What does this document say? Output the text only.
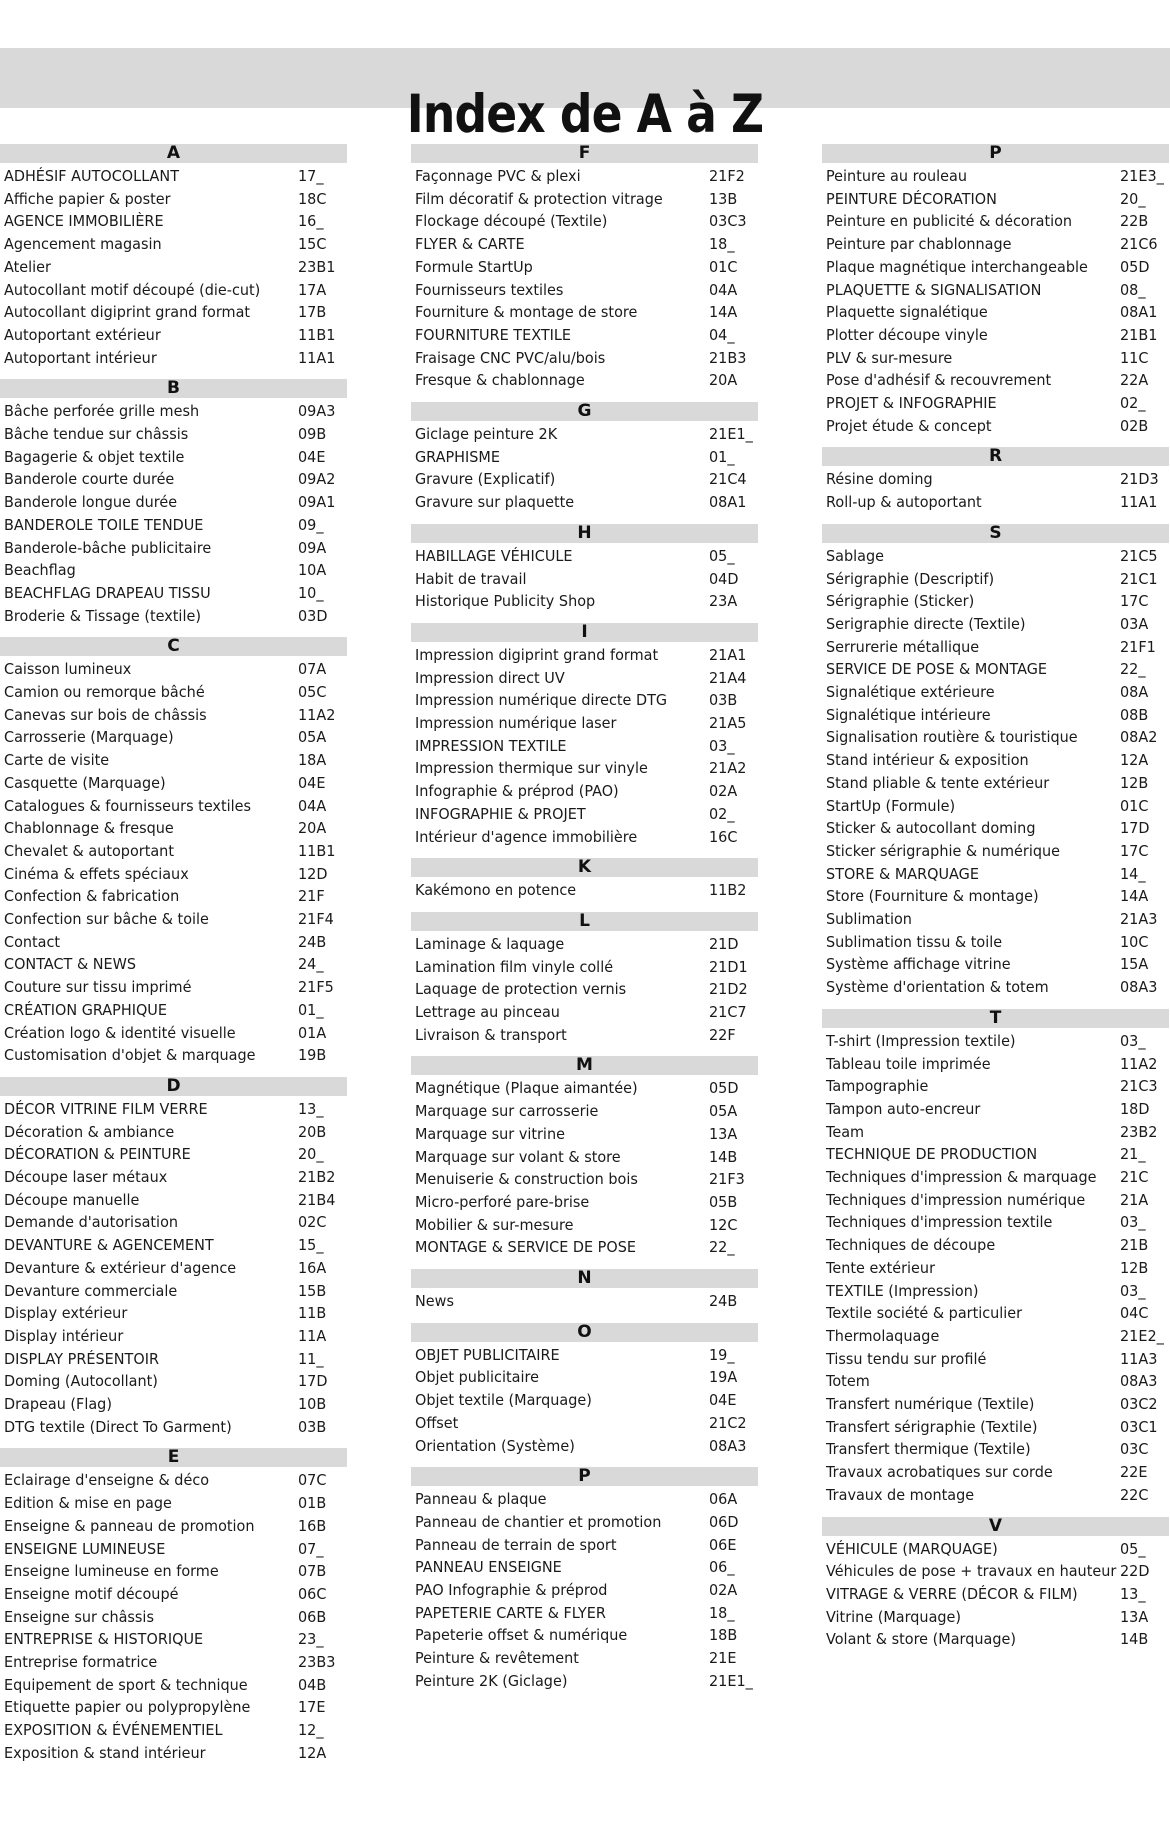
Index de A à Z
A
ADHÉSIF AUTOCOLLANT	17_
Affiche papier & poster	18C
AGENCE IMMOBILIÈRE	16_
Agencement magasin	15C
Atelier	23B1
Autocollant motif découpé (die-cut) 17A
Autocollant digiprint grand format	17B
Autoportant extérieur	11B1
Autoportant intérieur	11A1
B
Bâche perforée grille mesh	09A3
Bâche tendue sur châssis	09B
Bagagerie & objet textile	04E
Banderole courte durée	09A2
Banderole longue durée	09A1
BANDEROLE TOILE TENDUE	09_
Banderole-bâche publicitaire	09A
Beachflag	10A
BEACHFLAG DRAPEAU TISSU	10_
Broderie & Tissage (textile)	03D
C
Caisson lumineux	07A
Camion ou remorque bâché	05C
Canevas sur bois de châssis	11A2
Carrosserie (Marquage)	05A
Carte de visite	18A
Casquette (Marquage)	04E
Catalogues & fournisseurs textiles	04A
Chablonnage & fresque	20A
Chevalet & autoportant	11B1
Cinéma & effets spéciaux	12D
Confection & fabrication	21F
Confection sur bâche & toile	21F4
Contact	24B
CONTACT & NEWS	24_
Couture sur tissu imprimé	21F5
CRÉATION GRAPHIQUE	01_
Création logo & identité visuelle	01A
Customisation d'objet & marquage	19B
D
DÉCOR VITRINE FILM VERRE	13_
Décoration & ambiance	20B
DÉCORATION & PEINTURE	20_
Découpe laser métaux	21B2
Découpe manuelle	21B4
Demande d'autorisation	02C
DEVANTURE & AGENCEMENT	15_
Devanture & extérieur d'agence	16A
Devanture commerciale	15B
Display extérieur	11B
Display intérieur	11A
DISPLAY PRÉSENTOIR	11_
Doming (Autocollant)	17D
Drapeau (Flag)	10B
DTG textile (Direct To Garment)	03B
E
Eclairage d'enseigne & déco	07C
Edition & mise en page	01B
Enseigne & panneau de promotion	16B
ENSEIGNE LUMINEUSE	07_
Enseigne lumineuse en forme	07B
Enseigne motif découpé	06C
Enseigne sur châssis	06B
ENTREPRISE & HISTORIQUE	23_
Entreprise formatrice	23B3
Equipement de sport & technique	04B
Etiquette papier ou polypropylène	17E
EXPOSITION & ÉVÉNEMENTIEL	12_
Exposition & stand intérieur	12A
F
Façonnage PVC & plexi	21F2
Film décoratif & protection vitrage	13B
Flockage découpé (Textile)	03C3
FLYER & CARTE	18_
Formule StartUp	01C
Fournisseurs textiles	04A
Fourniture & montage de store	14A
FOURNITURE TEXTILE	04_
Fraisage CNC PVC/alu/bois	21B3
Fresque & chablonnage	20A
G
Giclage peinture 2K	21E1_
GRAPHISME	01_
Gravure (Explicatif)	21C4
Gravure sur plaquette	08A1
H
HABILLAGE VÉHICULE	05_
Habit de travail	04D
Historique Publicity Shop	23A
I
Impression digiprint grand format	21A1
Impression direct UV	21A4
Impression numérique directe DTG	03B
Impression numérique laser	21A5
IMPRESSION TEXTILE	03_
Impression thermique sur vinyle	21A2
Infographie & préprod (PAO)	02A
INFOGRAPHIE & PROJET	02_
Intérieur d'agence immobilière	16C
K
Kakémono en potence	11B2
L
Laminage & laquage	21D
Lamination film vinyle collé	21D1
Laquage de protection vernis	21D2
Lettrage au pinceau	21C7
Livraison & transport	22F
M
Magnétique (Plaque aimantée)	05D
Marquage sur carrosserie	05A
Marquage sur vitrine	13A
Marquage sur volant & store	14B
Menuiserie & construction bois	21F3
Micro-perforé pare-brise	05B
Mobilier & sur-mesure	12C
MONTAGE & SERVICE DE POSE	22_
N
News	24B
O
OBJET PUBLICITAIRE	19_
Objet publicitaire	19A
Objet textile (Marquage)	04E
Offset	21C2
Orientation (Système)	08A3
P
Panneau & plaque	06A
Panneau de chantier et promotion	06D
Panneau de terrain de sport	06E
PANNEAU ENSEIGNE	06_
PAO Infographie & préprod	02A
PAPETERIE CARTE & FLYER	18_
Papeterie offset & numérique	18B
Peinture & revêtement	21E
Peinture 2K (Giclage)	21E1_
P
Peinture au rouleau	21E3_
PEINTURE DÉCORATION	20_
Peinture en publicité & décoration	22B
Peinture par chablonnage	21C6
Plaque magnétique interchangeable 05D
PLAQUETTE & SIGNALISATION	08_
Plaquette signalétique	08A1
Plotter découpe vinyle	21B1
PLV & sur-mesure	11C
Pose d'adhésif & recouvrement	22A
PROJET & INFOGRAPHIE	02_
Projet étude & concept	02B
R
Résine doming	21D3
Roll-up & autoportant	11A1
S
Sablage	21C5
Sérigraphie (Descriptif)	21C1
Sérigraphie (Sticker)	17C
Serigraphie directe (Textile)	03A
Serrurerie métallique	21F1
SERVICE DE POSE & MONTAGE	22_
Signalétique extérieure	08A
Signalétique intérieure	08B
Signalisation routière & touristique	08A2
Stand intérieur & exposition	12A
Stand pliable & tente extérieur	12B
StartUp (Formule)	01C
Sticker & autocollant doming	17D
Sticker sérigraphie & numérique	17C
STORE & MARQUAGE	14_
Store (Fourniture & montage)	14A
Sublimation	21A3
Sublimation tissu & toile	10C
Système affichage vitrine	15A
Système d'orientation & totem	08A3
T
T-shirt (Impression textile)	03_
Tableau toile imprimée	11A2
Tampographie	21C3
Tampon auto-encreur	18D
Team	23B2
TECHNIQUE DE PRODUCTION	21_
Techniques d'impression & marquage 21C
Techniques d'impression numérique 21A
Techniques d'impression textile	03_
Techniques de découpe	21B
Tente extérieur	12B
TEXTILE (Impression)	03_
Textile société & particulier	04C
Thermolaquage	21E2_
Tissu tendu sur profilé	11A3
Totem	08A3
Transfert numérique (Textile)	03C2
Transfert sérigraphie (Textile)	03C1
Transfert thermique (Textile)	03C
Travaux acrobatiques sur corde	22E
Travaux de montage	22C
V
VÉHICULE (MARQUAGE)	05_
Véhicules de pose + travaux en hauteur 22D
VITRAGE & VERRE (DÉCOR & FILM)	13_
Vitrine (Marquage)	13A
Volant & store (Marquage)	14B
